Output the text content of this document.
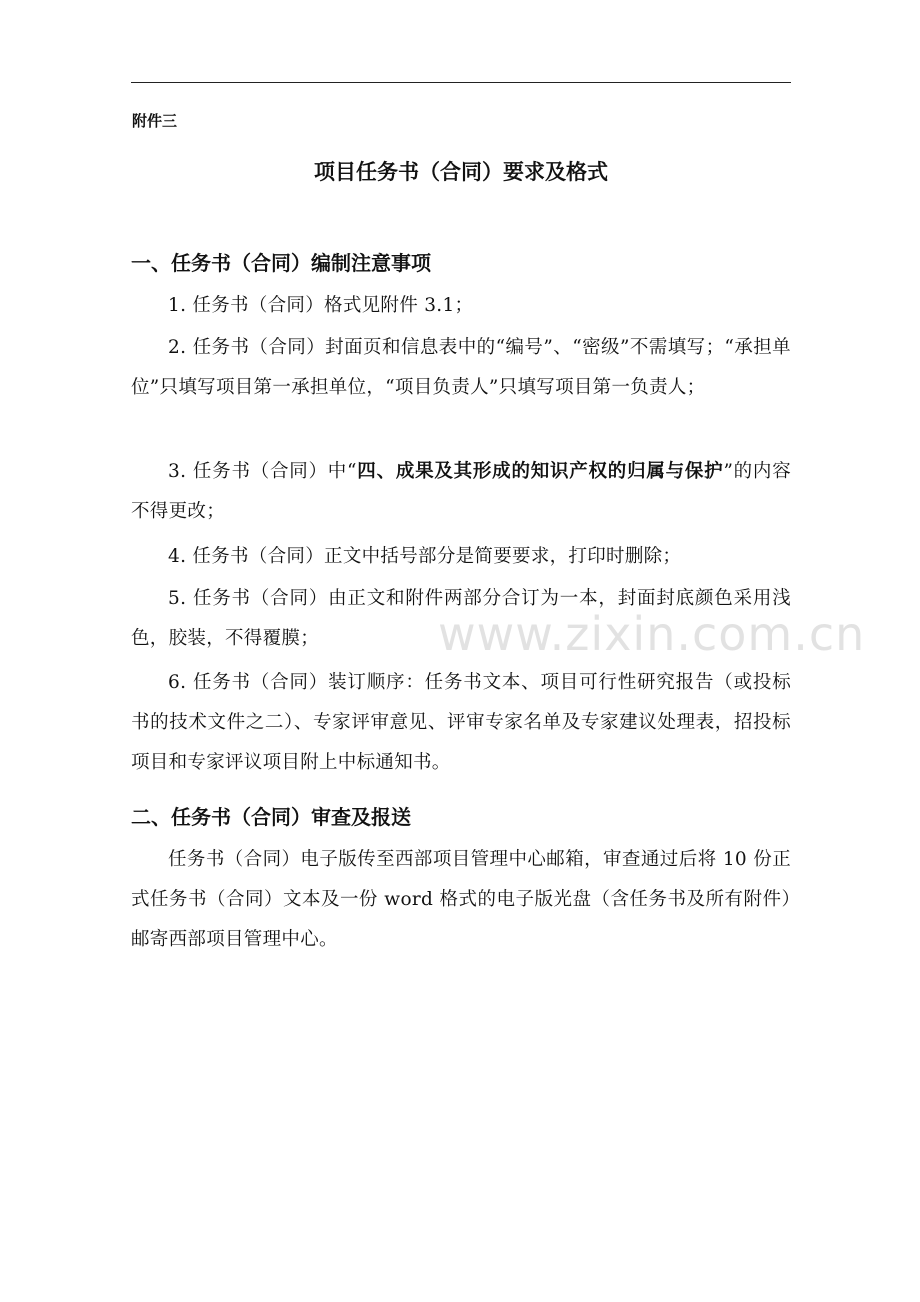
附件三
项目任务书（合同）要求及格式
一、任务书（合同）编制注意事项
1. 任务书（合同）格式见附件 3.1；
2. 任务书（合同）封面页和信息表中的“编号”、“密级”不需填写；“承担单位”只填写项目第一承担单位，“项目负责人”只填写项目第一负责人；
3. 任务书（合同）中“四、成果及其形成的知识产权的归属与保护”的内容不得更改；
4. 任务书（合同）正文中括号部分是简要要求，打印时删除；
5. 任务书（合同）由正文和附件两部分合订为一本，封面封底颜色采用浅色，胶装，不得覆膜；
6. 任务书（合同）装订顺序：任务书文本、项目可行性研究报告（或投标书的技术文件之二）、专家评审意见、评审专家名单及专家建议处理表，招投标项目和专家评议项目附上中标通知书。
二、任务书（合同）审查及报送
任务书（合同）电子版传至西部项目管理中心邮箱，审查通过后将 10 份正式任务书（合同）文本及一份 word 格式的电子版光盘（含任务书及所有附件）邮寄西部项目管理中心。
www.zixin.com.cn
